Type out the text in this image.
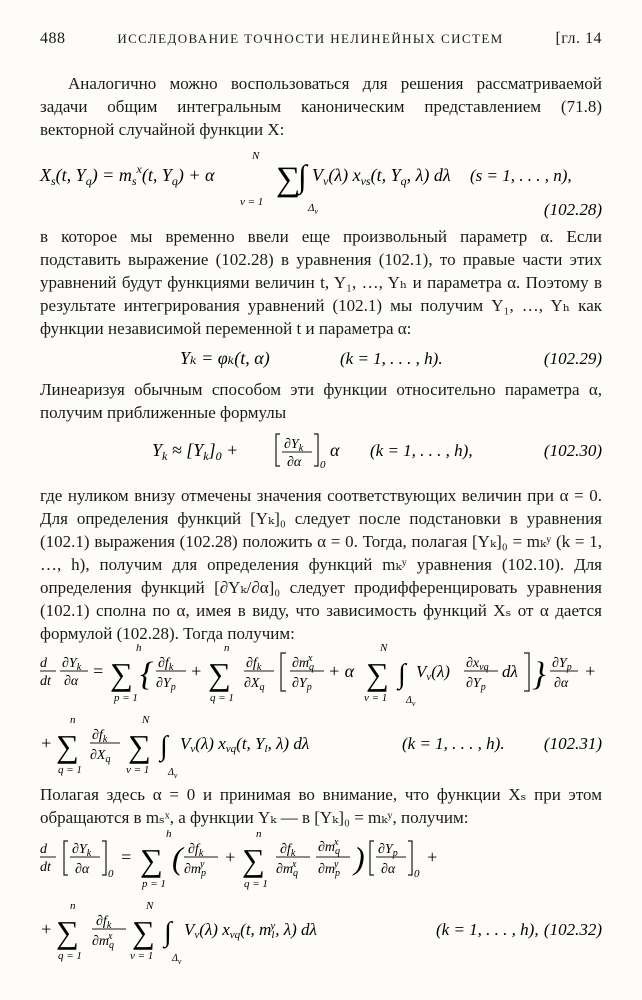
488	ИССЛЕДОВАНИЕ ТОЧНОСТИ НЕЛИНЕЙНЫХ СИСТЕМ	[гл. 14

Аналогично можно воспользоваться для решения рассматриваемой задачи общим интегральным каноническим представлением (71.8) векторной случайной функции X:

$X_s(t$, $Y_q) = m_s^x(t$, $Y_q) + \alpha$
N
∑
ν = 1
∫
$\Delta_\nu$
$V_\nu(\lambda)$ $x_{\nu s}(t$, $Y_q$, λ) dλ (s = 1, . . . , n),
(102.28)

в которое мы временно ввели еще произвольный параметр α. Если подставить выражение (102.28) в уравнения (102.1), то правые части этих уравнений будут функциями величин t, Y₁, …, Yₕ и параметра α. Поэтому в результате интегрирования уравнений (102.1) мы получим Y₁, …, Yₕ как функции независимой переменной t и параметра α:

Yₖ = φₖ(t, α)	(k = 1, . . . , h).	(102.29)

Линеаризуя обычным способом эти функции относительно параметра α, получим приближенные формулы

$Y_k \approx [Y_k]_0$ +	$\partial Y_k$
∂α 0
α (k = 1, . . . , h),	(102.30)

где нуликом внизу отмечены значения соответствующих величин при α = 0. Для определения функций [Yₖ]₀ следует после подстановки в уравнения (102.1) выражения (102.28) положить α = 0. Тогда, полагая [Yₖ]₀ = mₖʸ (k = 1, …, h), получим для определения функций mₖʸ уравнения (102.10). Для определения функций [∂Yₖ/∂α]₀ следует продифференцировать уравнения (102.1) сполна по α, имея в виду, что зависимость функций Xₛ от α дается формулой (102.28). Тогда получим:

d
dt
$\partial Y_k$
∂α
=
h
∑
p = 1
{ $\partial f_k$
$\partial Y_p$
+
n
∑
q = 1
$\partial f_k$
$\partial X_q$
$\partial m_qx$
$\partial Y_p$
+ α
N
∑
ν = 1
∫
$\Delta_\nu$
Vν(λ) $\partial x_{\nu q}$
$\partial Y_p$
dλ } $\partial Y_p$
∂α
+
+
n
∑
q = 1
$\partial f_k$
$\partial X_q$
N
∑
ν = 1
∫
$\Delta_\nu$
Vν(λ) xνq(t, Yl, λ) dλ	(k = 1, . . . , h). (102.31)

Полагая здесь α = 0 и принимая во внимание, что функции Xₛ при этом обращаются в mₛˣ, а функции Yₖ — в [Yₖ]₀ = mₖʸ, получим:

d
dt
$\partial Y_k$
∂α 0
=
h
∑
p = 1
( $\partial f_k$
$\partial m_py$ +
n
∑
q = 1
$\partial f_k$
$\partial m_qx$
$\partial m_qx$
$\partial m_py$ ) $\partial Y_p$
∂α 0
+
+
n
∑
q = 1
$\partial f_k$
$\partial m_qx$
N
∑
ν = 1
∫
$\Delta_\nu$
Vν(λ) xνq(t, mly, λ) dλ	(k = 1, . . . , h), (102.32)
